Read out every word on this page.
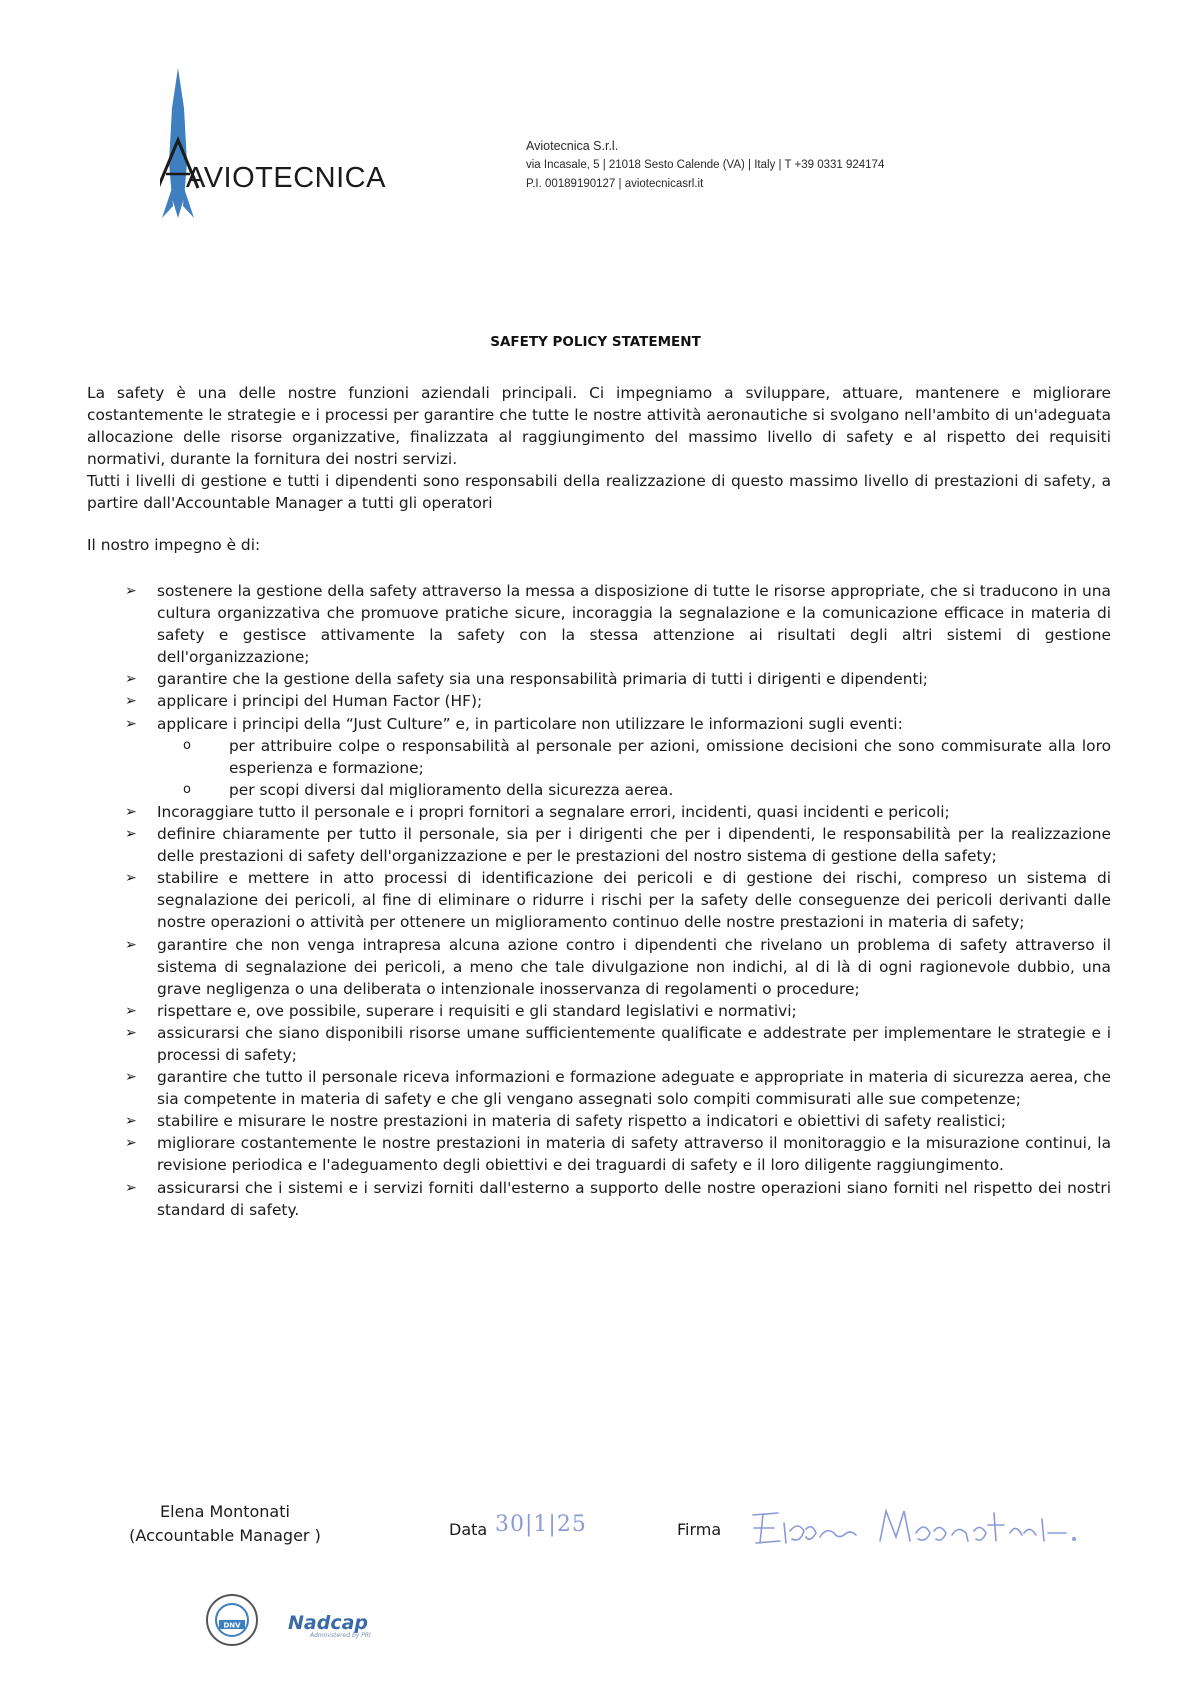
AVIOTECNICA
Aviotecnica S.r.l.
via Incasale, 5 | 21018 Sesto Calende (VA) | Italy | T +39 0331 924174
P.I. 00189190127 | aviotecnicasrl.it
SAFETY POLICY STATEMENT

La safety è una delle nostre funzioni aziendali principali. Ci impegniamo a sviluppare, attuare, mantenere e migliorare costantemente le strategie e i processi per garantire che tutte le nostre attività aeronautiche si svolgano nell'ambito di un'adeguata allocazione delle risorse organizzative, finalizzata al raggiungimento del massimo livello di safety e al rispetto dei requisiti normativi, durante la fornitura dei nostri servizi.

Tutti i livelli di gestione e tutti i dipendenti sono responsabili della realizzazione di questo massimo livello di prestazioni di safety, a partire dall'Accountable Manager a tutti gli operatori

Il nostro impegno è di:
➢ sostenere la gestione della safety attraverso la messa a disposizione di tutte le risorse appropriate, che si traducono in una cultura organizzativa che promuove pratiche sicure, incoraggia la segnalazione e la comunicazione efficace in materia di safety e gestisce attivamente la safety con la stessa attenzione ai risultati degli altri sistemi di gestione dell'organizzazione;
➢ garantire che la gestione della safety sia una responsabilità primaria di tutti i dirigenti e dipendenti;
➢ applicare i principi del Human Factor (HF);
➢ applicare i principi della “Just Culture” e, in particolare non utilizzare le informazioni sugli eventi:
o per attribuire colpe o responsabilità al personale per azioni, omissione decisioni che sono commisurate alla loro esperienza e formazione;
o per scopi diversi dal miglioramento della sicurezza aerea.
➢ Incoraggiare tutto il personale e i propri fornitori a segnalare errori, incidenti, quasi incidenti e pericoli;
➢ definire chiaramente per tutto il personale, sia per i dirigenti che per i dipendenti, le responsabilità per la realizzazione delle prestazioni di safety dell'organizzazione e per le prestazioni del nostro sistema di gestione della safety;
➢ stabilire e mettere in atto processi di identificazione dei pericoli e di gestione dei rischi, compreso un sistema di segnalazione dei pericoli, al fine di eliminare o ridurre i rischi per la safety delle conseguenze dei pericoli derivanti dalle nostre operazioni o attività per ottenere un miglioramento continuo delle nostre prestazioni in materia di safety;
➢ garantire che non venga intrapresa alcuna azione contro i dipendenti che rivelano un problema di safety attraverso il sistema di segnalazione dei pericoli, a meno che tale divulgazione non indichi, al di là di ogni ragionevole dubbio, una grave negligenza o una deliberata o intenzionale inosservanza di regolamenti o procedure;
➢ rispettare e, ove possibile, superare i requisiti e gli standard legislativi e normativi;
➢ assicurarsi che siano disponibili risorse umane sufficientemente qualificate e addestrate per implementare le strategie e i processi di safety;
➢ garantire che tutto il personale riceva informazioni e formazione adeguate e appropriate in materia di sicurezza aerea, che sia competente in materia di safety e che gli vengano assegnati solo compiti commisurati alle sue competenze;
➢ stabilire e misurare le nostre prestazioni in materia di safety rispetto a indicatori e obiettivi di safety realistici;
➢ migliorare costantemente le nostre prestazioni in materia di safety attraverso il monitoraggio e la misurazione continui, la revisione periodica e l'adeguamento degli obiettivi e dei traguardi di safety e il loro diligente raggiungimento.
➢ assicurarsi che i sistemi e i servizi forniti dall'esterno a supporto delle nostre operazioni siano forniti nel rispetto dei nostri standard di safety.
Elena Montonati
(Accountable Manager )	Data 30|1|25	Firma
DNV Nadcap
Administered by PRI
